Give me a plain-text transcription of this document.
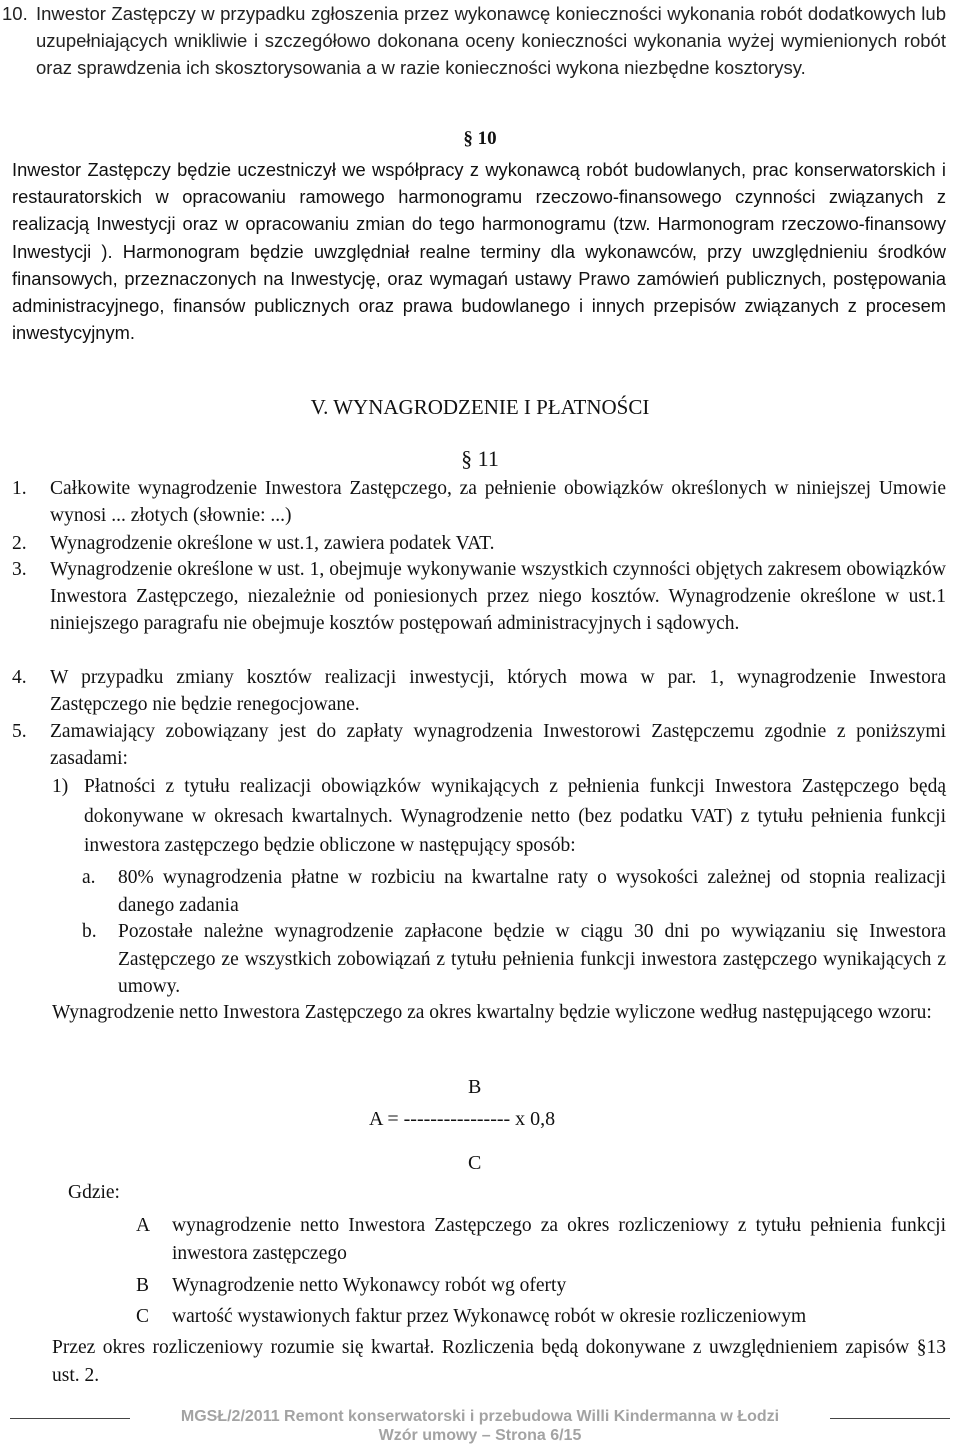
10. Inwestor Zastępczy w przypadku zgłoszenia przez wykonawcę konieczności wykonania robót dodatkowych lub uzupełniających wnikliwie i szczegółowo dokonana oceny konieczności wykonania wyżej wymienionych robót oraz sprawdzenia ich skosztorysowania a w razie konieczności wykona niezbędne kosztorysy.
§ 10
Inwestor Zastępczy będzie uczestniczył we współpracy z wykonawcą robót budowlanych, prac konserwatorskich i restauratorskich w opracowaniu ramowego harmonogramu rzeczowo-finansowego czynności związanych z realizacją Inwestycji oraz w opracowaniu zmian do tego harmonogramu (tzw. Harmonogram rzeczowo-finansowy Inwestycji ). Harmonogram będzie uwzględniał realne terminy dla wykonawców, przy uwzględnieniu środków finansowych, przeznaczonych na Inwestycję, oraz wymagań ustawy Prawo zamówień publicznych, postępowania administracyjnego, finansów publicznych oraz prawa budowlanego i innych przepisów związanych z procesem inwestycyjnym.
V. WYNAGRODZENIE I PŁATNOŚCI
§ 11
1. Całkowite wynagrodzenie Inwestora Zastępczego, za pełnienie obowiązków określonych w niniejszej Umowie wynosi ... złotych (słownie: ...)
2. Wynagrodzenie określone w ust.1, zawiera podatek VAT.
3. Wynagrodzenie określone w ust. 1, obejmuje wykonywanie wszystkich czynności objętych zakresem obowiązków Inwestora Zastępczego, niezależnie od poniesionych przez niego kosztów. Wynagrodzenie określone w ust.1 niniejszego paragrafu nie obejmuje kosztów postępowań administracyjnych i sądowych.
4. W przypadku zmiany kosztów realizacji inwestycji, których mowa w par. 1, wynagrodzenie Inwestora Zastępczego nie będzie renegocjowane.
5. Zamawiający zobowiązany jest do zapłaty wynagrodzenia Inwestorowi Zastępczemu zgodnie z poniższymi zasadami:
1) Płatności z tytułu realizacji obowiązków wynikających z pełnienia funkcji Inwestora Zastępczego będą dokonywane w okresach kwartalnych. Wynagrodzenie netto (bez podatku VAT) z tytułu pełnienia funkcji inwestora zastępczego będzie obliczone w następujący sposób:
a. 80% wynagrodzenia płatne w rozbiciu na kwartalne raty o wysokości zależnej od stopnia realizacji danego zadania
b. Pozostałe należne wynagrodzenie zapłacone będzie w ciągu 30 dni po wywiązaniu się Inwestora Zastępczego ze wszystkich zobowiązań z tytułu pełnienia funkcji inwestora zastępczego wynikających z umowy.
Wynagrodzenie netto Inwestora Zastępczego za okres kwartalny będzie wyliczone według następującego wzoru:
B
A = ---------------- x 0,8
C
Gdzie:
A wynagrodzenie netto Inwestora Zastępczego za okres rozliczeniowy z tytułu pełnienia funkcji inwestora zastępczego
B Wynagrodzenie netto Wykonawcy robót wg oferty
C wartość wystawionych faktur przez Wykonawcę robót w okresie rozliczeniowym
Przez okres rozliczeniowy rozumie się kwartał. Rozliczenia będą dokonywane z uwzględnieniem zapisów §13 ust. 2.
MGSŁ/2/2011 Remont konserwatorski i przebudowa Willi Kindermanna w Łodzi
Wzór umowy – Strona 6/15
